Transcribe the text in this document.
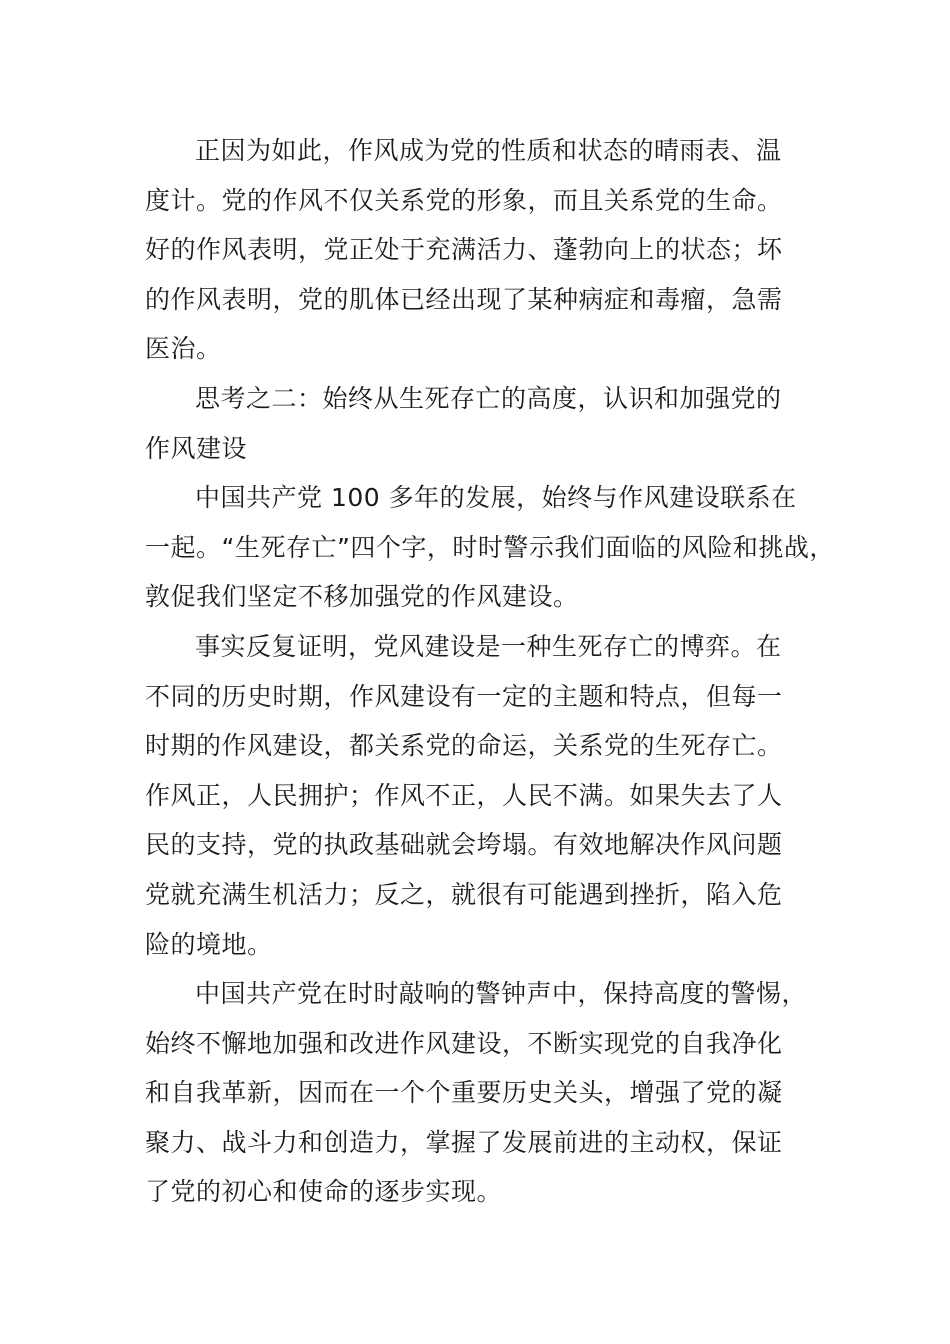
正因为如此，作风成为党的性质和状态的晴雨表、温
度计。党的作风不仅关系党的形象，而且关系党的生命。
好的作风表明，党正处于充满活力、蓬勃向上的状态；坏
的作风表明，党的肌体已经出现了某种病症和毒瘤，急需
医治。
思考之二：始终从生死存亡的高度，认识和加强党的
作风建设
中国共产党 100 多年的发展，始终与作风建设联系在
一起。“生死存亡”四个字，时时警示我们面临的风险和挑战，
敦促我们坚定不移加强党的作风建设。
事实反复证明，党风建设是一种生死存亡的博弈。在
不同的历史时期，作风建设有一定的主题和特点，但每一
时期的作风建设，都关系党的命运，关系党的生死存亡。
作风正，人民拥护；作风不正，人民不满。如果失去了人
民的支持，党的执政基础就会垮塌。有效地解决作风问题
党就充满生机活力；反之，就很有可能遇到挫折，陷入危
险的境地。
中国共产党在时时敲响的警钟声中，保持高度的警惕，
始终不懈地加强和改进作风建设，不断实现党的自我净化
和自我革新，因而在一个个重要历史关头，增强了党的凝
聚力、战斗力和创造力，掌握了发展前进的主动权，保证
了党的初心和使命的逐步实现。
